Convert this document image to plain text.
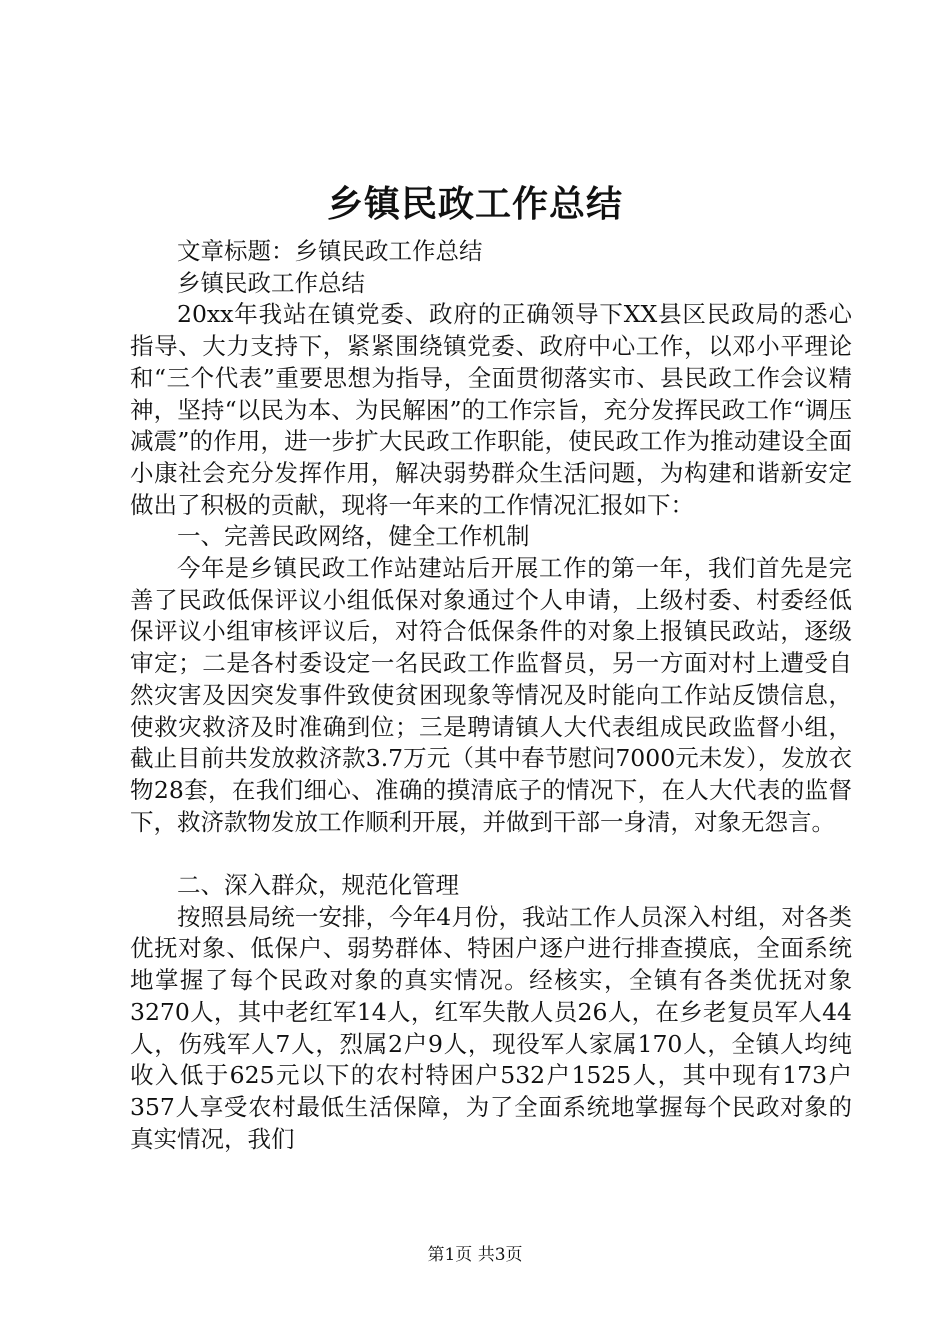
乡镇民政工作总结

文章标题：乡镇民政工作总结

乡镇民政工作总结

20xx年我站在镇党委、政府的正确领导下XX县区民政局的悉心指导、大力支持下，紧紧围绕镇党委、政府中心工作，以邓小平理论和“三个代表”重要思想为指导，全面贯彻落实市、县民政工作会议精神，坚持“以民为本、为民解困”的工作宗旨，充分发挥民政工作“调压减震”的作用，进一步扩大民政工作职能，使民政工作为推动建设全面小康社会充分发挥作用，解决弱势群众生活问题，为构建和谐新安定做出了积极的贡献，现将一年来的工作情况汇报如下：

一、完善民政网络，健全工作机制

今年是乡镇民政工作站建站后开展工作的第一年，我们首先是完善了民政低保评议小组低保对象通过个人申请，上级村委、村委经低保评议小组审核评议后，对符合低保条件的对象上报镇民政站，逐级审定；二是各村委设定一名民政工作监督员，另一方面对村上遭受自然灾害及因突发事件致使贫困现象等情况及时能向工作站反馈信息，使救灾救济及时准确到位；三是聘请镇人大代表组成民政监督小组，截止目前共发放救济款3.7万元（其中春节慰问7000元未发），发放衣物28套，在我们细心、准确的摸清底子的情况下，在人大代表的监督下，救济款物发放工作顺利开展，并做到干部一身清，对象无怨言。

二、深入群众，规范化管理

按照县局统一安排，今年4月份，我站工作人员深入村组，对各类优抚对象、低保户、弱势群体、特困户逐户进行排查摸底，全面系统地掌握了每个民政对象的真实情况。经核实，全镇有各类优抚对象3270人，其中老红军14人，红军失散人员26人，在乡老复员军人44人，伤残军人7人，烈属2户9人，现役军人家属170人，全镇人均纯收入低于625元以下的农村特困户532户1525人，其中现有173户357人享受农村最低生活保障，为了全面系统地掌握每个民政对象的真实情况，我们

第1页 共3页
